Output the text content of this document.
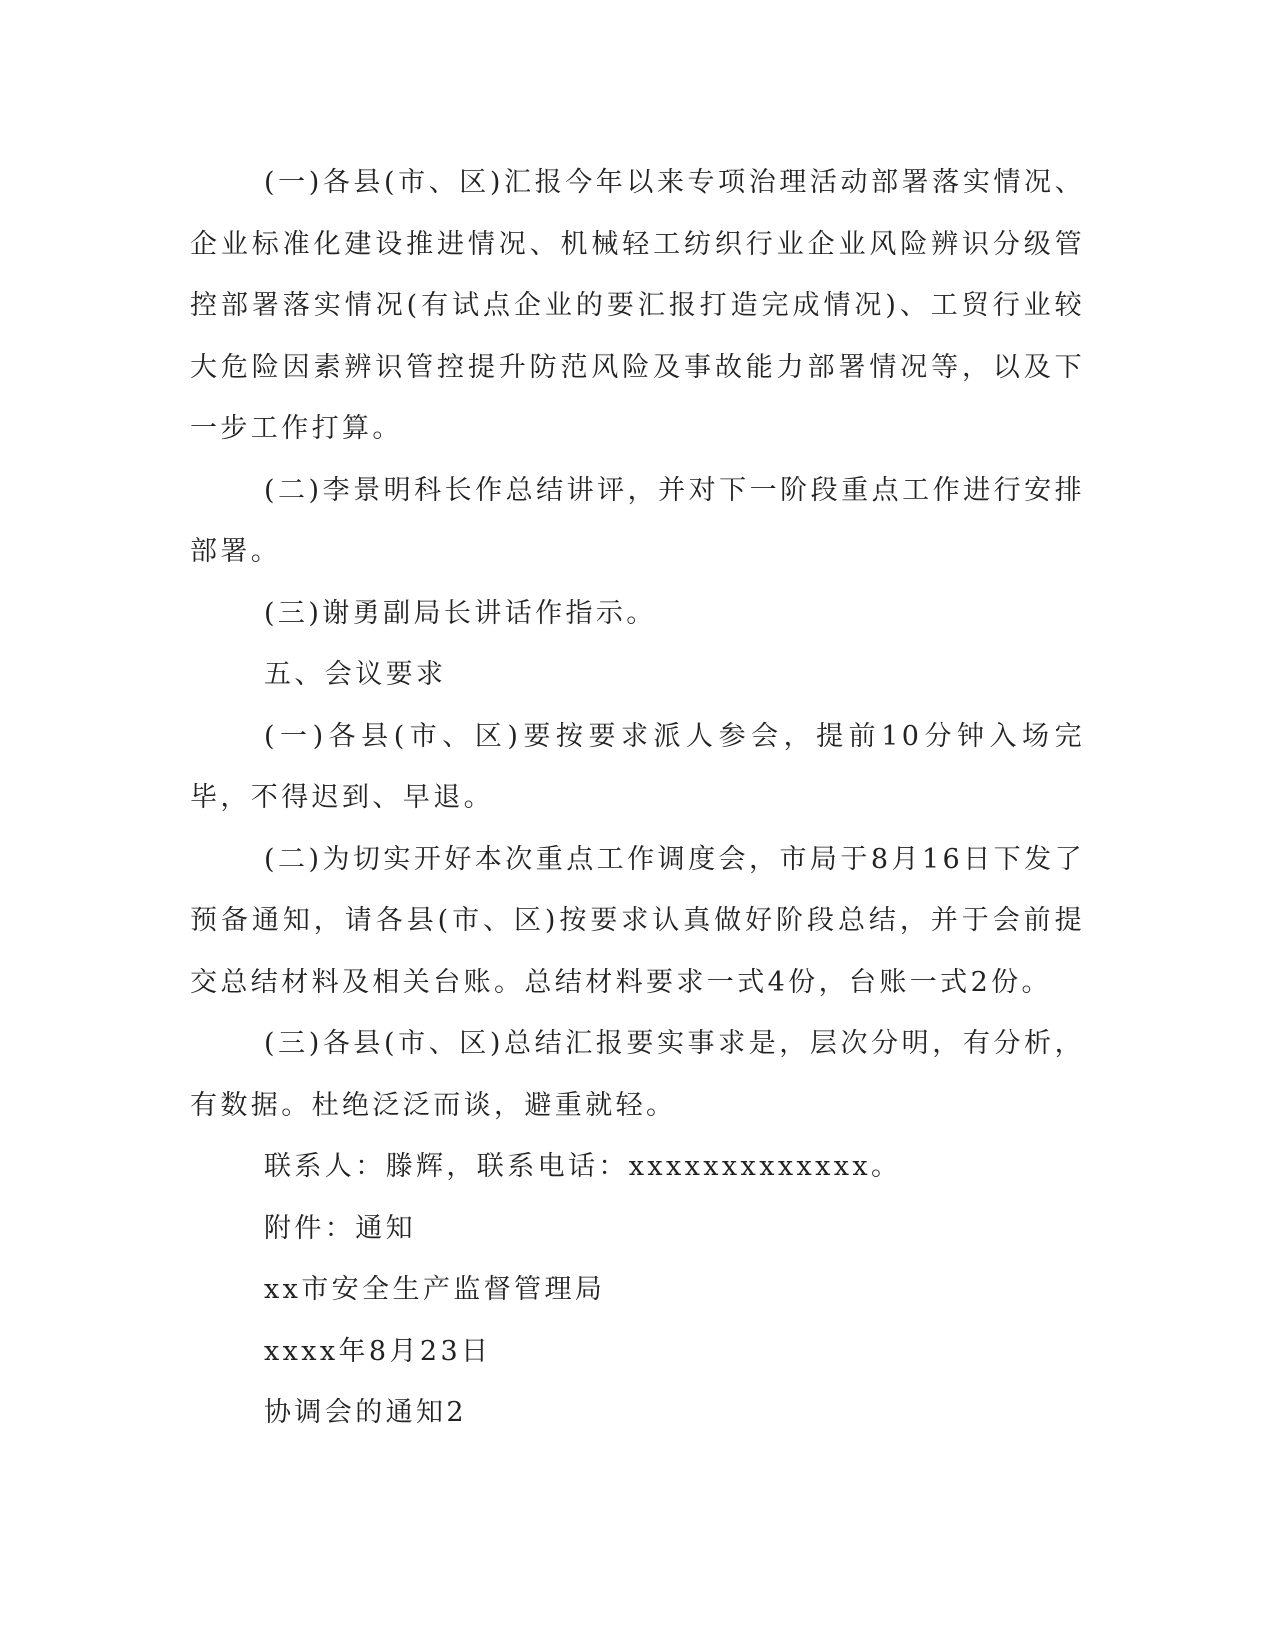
(一)各县(市、区)汇报今年以来专项治理活动部署落实情况、企业标准化建设推进情况、机械轻工纺织行业企业风险辨识分级管控部署落实情况(有试点企业的要汇报打造完成情况)、工贸行业较大危险因素辨识管控提升防范风险及事故能力部署情况等，以及下一步工作打算。

(二)李景明科长作总结讲评，并对下一阶段重点工作进行安排部署。

(三)谢勇副局长讲话作指示。

五、会议要求

(一)各县(市、区)要按要求派人参会，提前10分钟入场完毕，不得迟到、早退。

(二)为切实开好本次重点工作调度会，市局于8月16日下发了预备通知，请各县(市、区)按要求认真做好阶段总结，并于会前提交总结材料及相关台账。总结材料要求一式4份，台账一式2份。

(三)各县(市、区)总结汇报要实事求是，层次分明，有分析，有数据。杜绝泛泛而谈，避重就轻。

联系人：滕辉，联系电话：xxxxxxxxxxxxx。

附件：通知

xx市安全生产监督管理局

xxxx年8月23日

协调会的通知2
